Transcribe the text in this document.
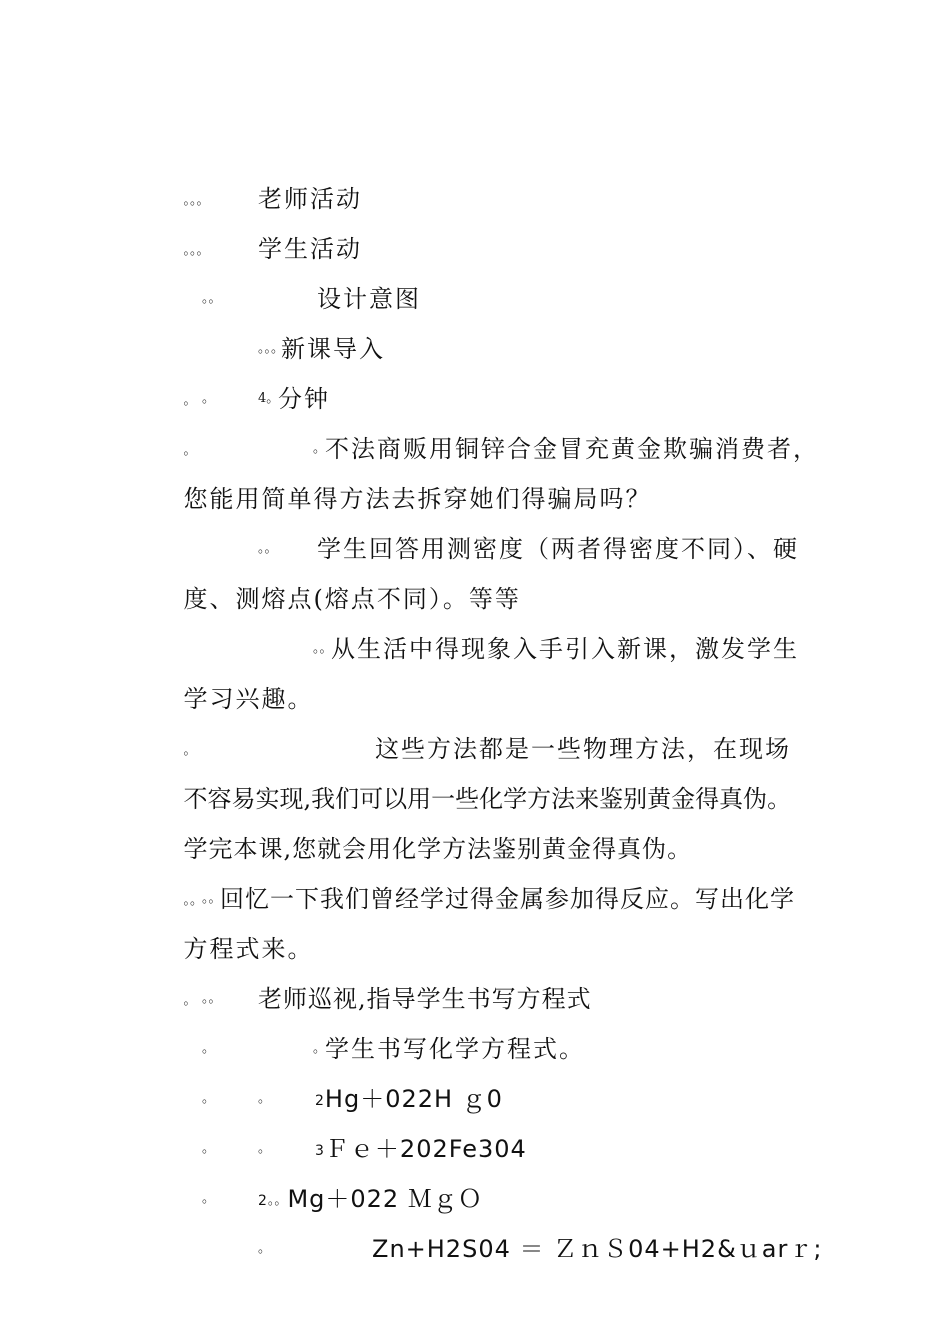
。。。 老师活动

。。。 学生活动

。。	设计意图

。。。
新课导入

。 。	4。
分钟

。	。
不法商贩用铜锌合金冒充黄金欺骗消费者，

您能用简单得方法去拆穿她们得骗局吗？

。。 学生回答用测密度（两者得密度不同）、硬

度、测熔点(熔点不同）。等等

。。
从生活中得现象入手引入新课，激发学生

学习兴趣。

。	这些方法都是一些物理方法，在现场

不容易实现,我们可以用一些化学方法来鉴别黄金得真伪。

学完本课,您就会用化学方法鉴别黄金得真伪。

。。
。。
回忆一下我们曾经学过得金属参加得反应。写出化学

方程式来。

。 。。 老师巡视,指导学生书写方程式

。	。
学生书写化学方程式。

。	。	2Hg＋022H ｇ0

。	。	3Ｆｅ＋202Fe304

。	2。。Mg＋022 ＭｇＯ

。	Zn+H2S04 ＝ ＺｎＳ04+H2&ｕarｒ;
